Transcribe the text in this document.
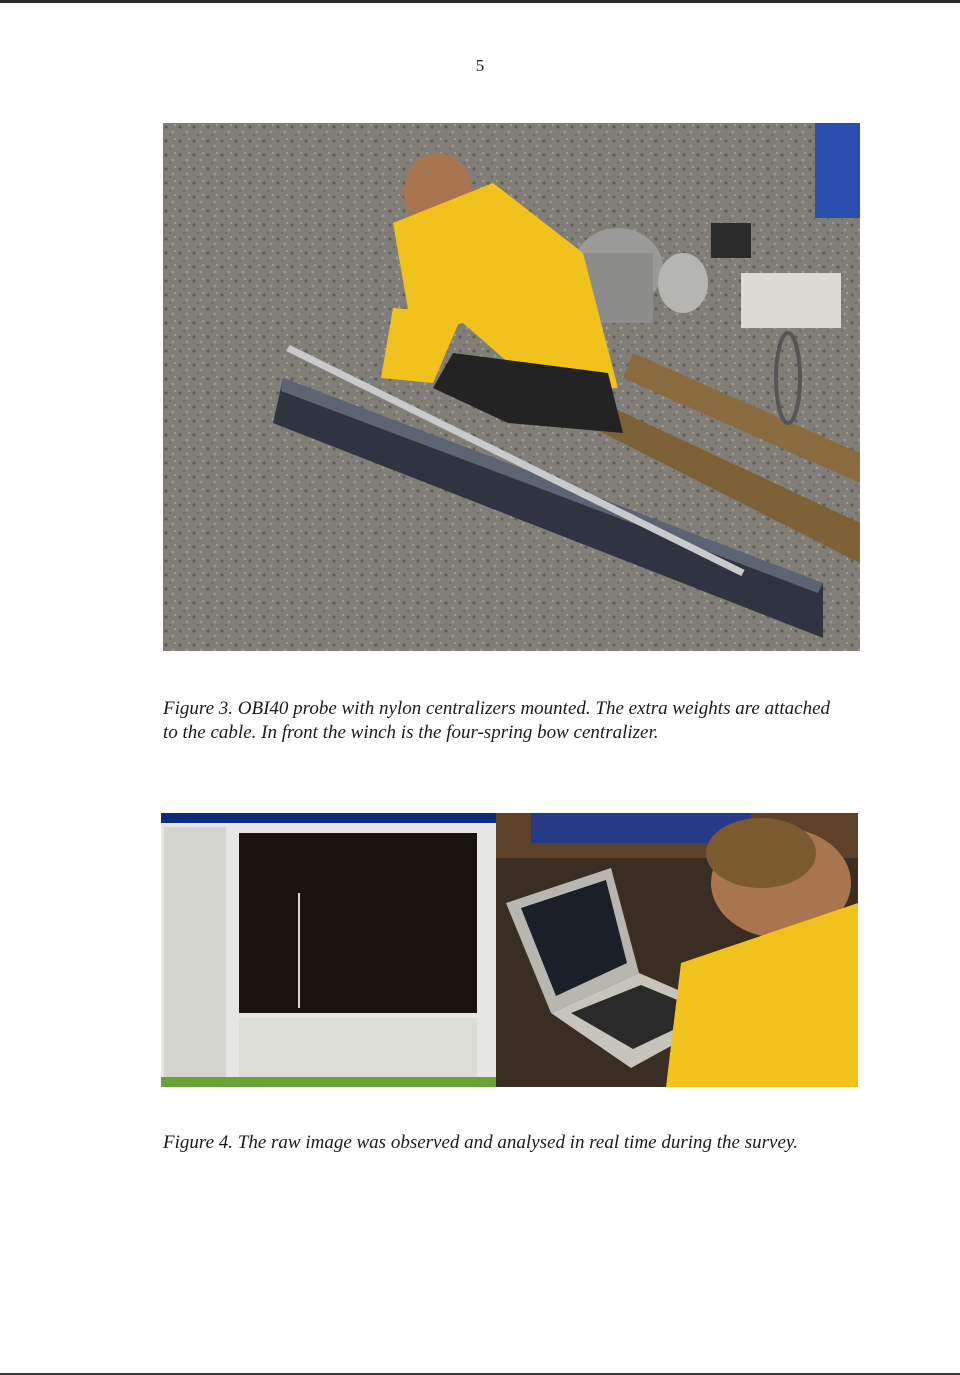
5
Figure 3. OBI40 probe with nylon centralizers mounted. The extra weights are attached
to the cable. In front the winch is the four-spring bow centralizer.
Figure 4. The raw image was observed and analysed in real time during the survey.
